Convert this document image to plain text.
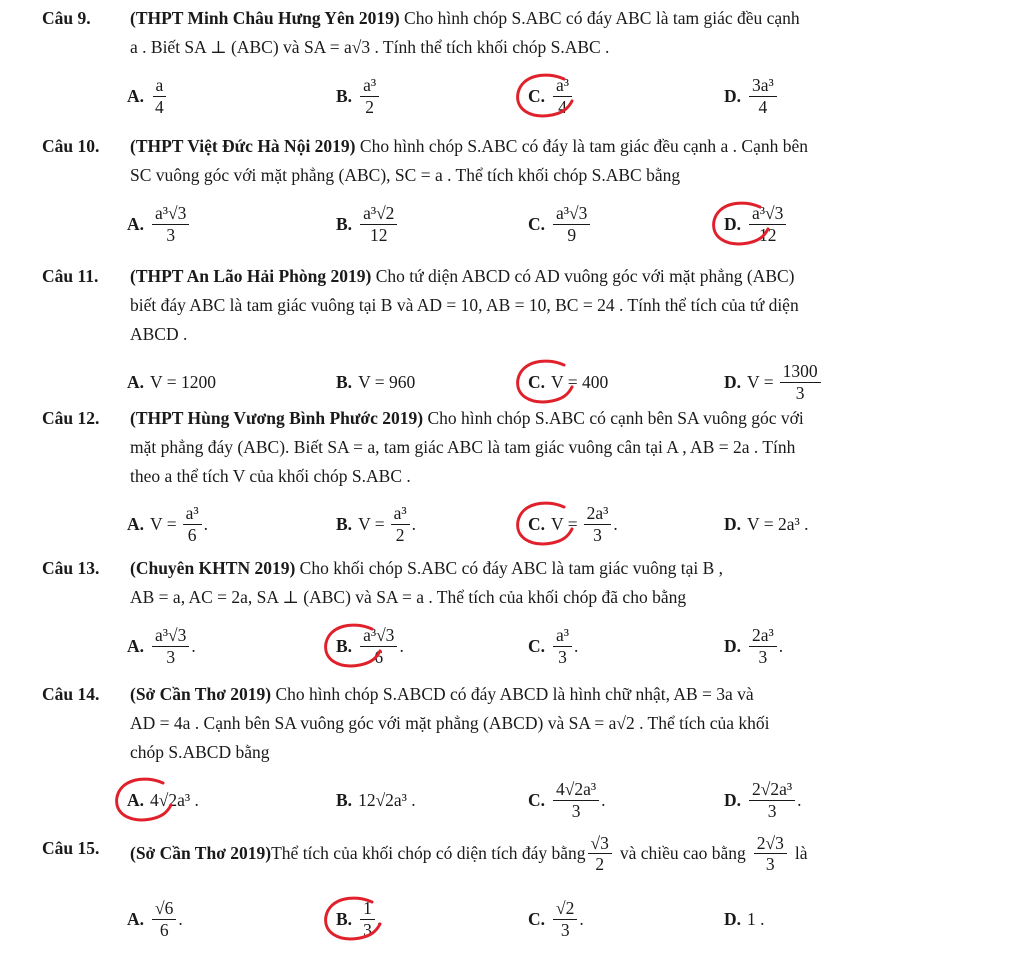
Câu 9. (THPT Minh Châu Hưng Yên 2019) Cho hình chóp S.ABC có đáy ABC là tam giác đều cạnh
a . Biết SA ⊥ (ABC) và SA = a√3 . Tính thể tích khối chóp S.ABC .
A. $\frac{a}{4}$	B. $\frac{\text{a³}}{2}$	C. $\frac{\text{a³}}{4}$	D. $\frac{\text{3a³}}{4}$
Câu 10. (THPT Việt Đức Hà Nội 2019) Cho hình chóp S.ABC có đáy là tam giác đều cạnh a . Cạnh bên
SC vuông góc với mặt phẳng (ABC), SC = a . Thể tích khối chóp S.ABC bằng
A. $\frac{\text{a³√3}}{3}$	B. $\frac{\text{a³√2}}{12}$	C. $\frac{\text{a³√3}}{9}$	D. $\frac{\text{a³√3}}{12}$
Câu 11. (THPT An Lão Hải Phòng 2019) Cho tứ diện ABCD có AD vuông góc với mặt phẳng (ABC)
biết đáy ABC là tam giác vuông tại B và AD = 10, AB = 10, BC = 24 . Tính thể tích của tứ diện
ABCD .
A. V = 1200	B. V = 960	C. V = 400	D. $V = \frac{1300}{3}$
Câu 12. (THPT Hùng Vương Bình Phước 2019) Cho hình chóp S.ABC có cạnh bên SA vuông góc với
mặt phẳng đáy (ABC). Biết SA = a, tam giác ABC là tam giác vuông cân tại A , AB = 2a . Tính
theo a thể tích V của khối chóp S.ABC .
A. $V = \frac{\text{a³}}{6}$ .	B. $V = \frac{\text{a³}}{2}$ .	C. $V = \frac{\text{2a³}}{3}$ .	D. V = 2a³ .
Câu 13. (Chuyên KHTN 2019) Cho khối chóp S.ABC có đáy ABC là tam giác vuông tại B ,
AB = a, AC = 2a, SA ⊥ (ABC) và SA = a . Thể tích của khối chóp đã cho bằng
A. $\frac{\text{a³√3}}{3}$ .	B. $\frac{\text{a³√3}}{6}$ .	C. $\frac{\text{a³}}{3}$ .	D. $\frac{\text{2a³}}{3}$ .
Câu 14. (Sở Cần Thơ 2019) Cho hình chóp S.ABCD có đáy ABCD là hình chữ nhật, AB = 3a và
AD = 4a . Cạnh bên SA vuông góc với mặt phẳng (ABCD) và SA = a√2 . Thể tích của khối
chóp S.ABCD bằng
A. 4√2a³ .	B. 12√2a³ .	C. $\frac{\text{4√2a³}}{3}$ .	D. $\frac{\text{2√2a³}}{3}$ .
Câu 15. (Sở Cần Thơ 2019) Thể tích của khối chóp có diện tích đáy bằng $\frac{√3}{2}$ và chiều cao bằng $\frac{2√3}{3}$ là
A. $\frac{√6}{6}$ .	B. $\frac{1}{3}$ .	C. $\frac{√2}{3}$ .	D. 1 .
